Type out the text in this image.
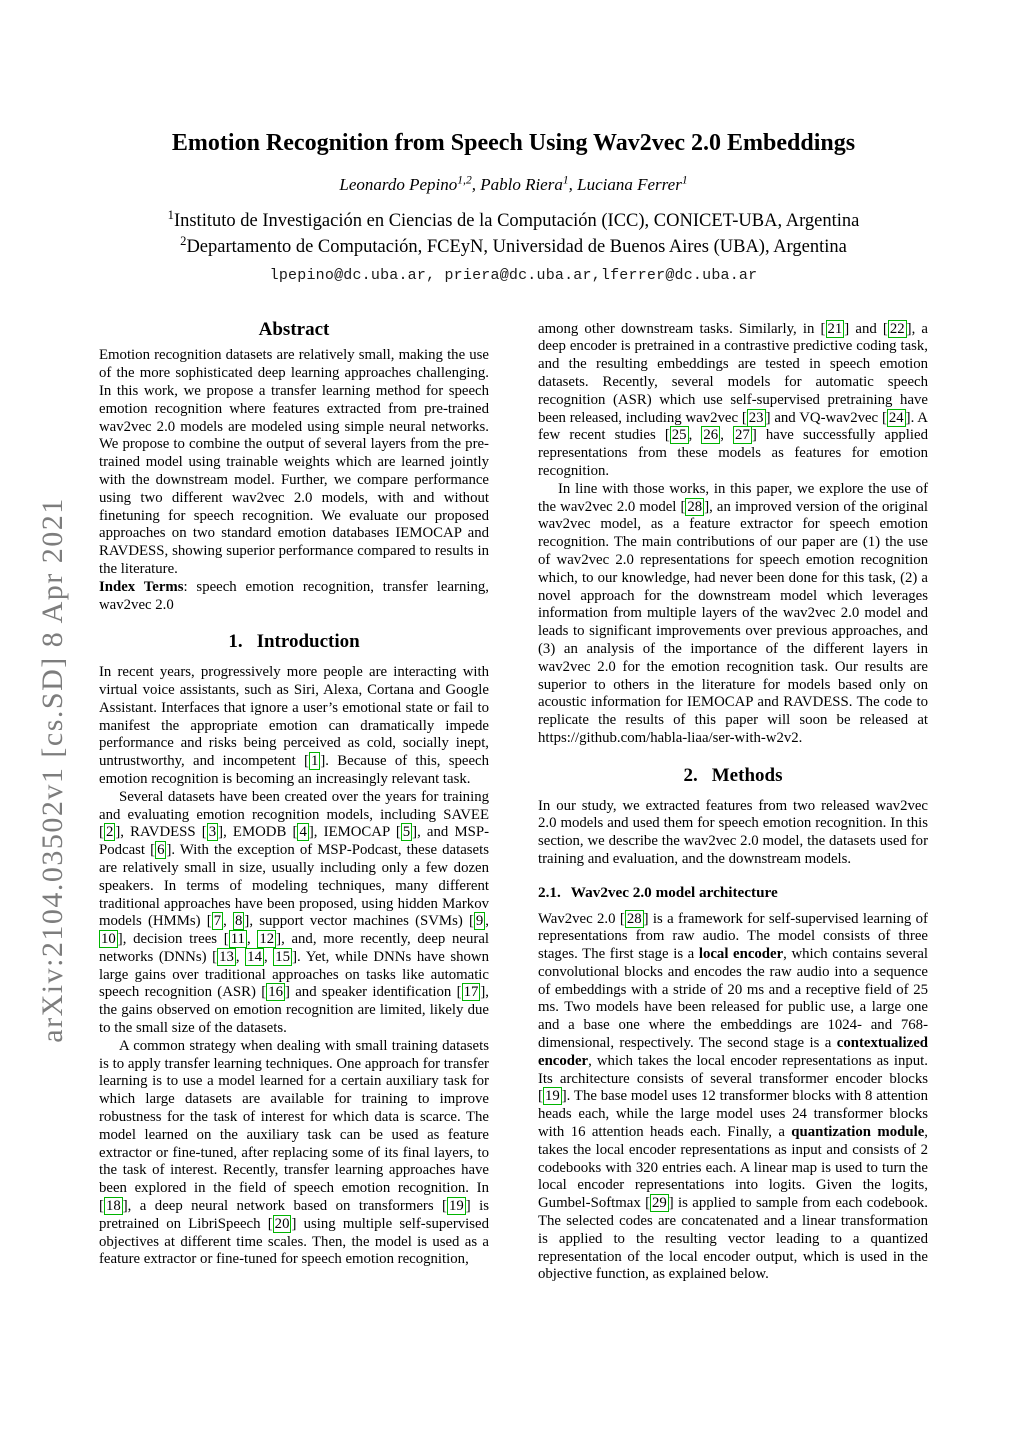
arXiv:2104.03502v1 [cs.SD] 8 Apr 2021
Emotion Recognition from Speech Using Wav2vec 2.0 Embeddings
Leonardo Pepino$^{1,2}$, Pablo Riera$^1$, Luciana Ferrer$^1$
$^1$Instituto de Investigación en Ciencias de la Computación (ICC), CONICET-UBA, Argentina
$^2$Departamento de Computación, FCEyN, Universidad de Buenos Aires (UBA), Argentina
lpepino@dc.uba.ar, priera@dc.uba.ar,lferrer@dc.uba.ar
Abstract

Emotion recognition datasets are relatively small, making the use of the more sophisticated deep learning approaches challenging. In this work, we propose a transfer learning method for speech emotion recognition where features extracted from pre-trained wav2vec 2.0 models are modeled using simple neural networks. We propose to combine the output of several layers from the pre-trained model using trainable weights which are learned jointly with the downstream model. Further, we compare performance using two different wav2vec 2.0 models, with and without finetuning for speech recognition. We evaluate our proposed approaches on two standard emotion databases IEMOCAP and RAVDESS, showing superior performance compared to results in the literature.

Index Terms: speech emotion recognition, transfer learning, wav2vec 2.0

1. Introduction

In recent years, progressively more people are interacting with virtual voice assistants, such as Siri, Alexa, Cortana and Google Assistant. Interfaces that ignore a user’s emotional state or fail to manifest the appropriate emotion can dramatically impede performance and risks being perceived as cold, socially inept, untrustworthy, and incompetent [ 1 ]. Because of this, speech emotion recognition is becoming an increasingly relevant task.

Several datasets have been created over the years for training and evaluating emotion recognition models, including SAVEE [ 2 ], RAVDESS [ 3 ], EMODB [ 4 ], IEMOCAP [ 5 ], and MSP-Podcast [ 6 ]. With the exception of MSP-Podcast, these datasets are relatively small in size, usually including only a few dozen speakers. In terms of modeling techniques, many different traditional approaches have been proposed, using hidden Markov models (HMMs) [ 7 , 8 ], support vector machines (SVMs) [ 9 , 10 ], decision trees [ 11 , 12 ], and, more recently, deep neural networks (DNNs) [ 13 , 14 , 15 ]. Yet, while DNNs have shown large gains over traditional approaches on tasks like automatic speech recognition (ASR) [ 16 ] and speaker identification [ 17 ], the gains observed on emotion recognition are limited, likely due to the small size of the datasets.

A common strategy when dealing with small training datasets is to apply transfer learning techniques. One approach for transfer learning is to use a model learned for a certain auxiliary task for which large datasets are available for training to improve robustness for the task of interest for which data is scarce. The model learned on the auxiliary task can be used as feature extractor or fine-tuned, after replacing some of its final layers, to the task of interest. Recently, transfer learning approaches have been explored in the field of speech emotion recognition. In [ 18 ], a deep neural network based on transformers [ 19 ] is pretrained on LibriSpeech [ 20 ] using multiple self-supervised objectives at different time scales. Then, the model is used as a feature extractor or fine-tuned for speech emotion recognition,

among other downstream tasks. Similarly, in [ 21 ] and [ 22 ], a deep encoder is pretrained in a contrastive predictive coding task, and the resulting embeddings are tested in speech emotion datasets. Recently, several models for automatic speech recognition (ASR) which use self-supervised pretraining have been released, including wav2vec [ 23 ] and VQ-wav2vec [ 24 ]. A few recent studies [ 25 , 26 , 27 ] have successfully applied representations from these models as features for emotion recognition.

In line with those works, in this paper, we explore the use of the wav2vec 2.0 model [ 28 ], an improved version of the original wav2vec model, as a feature extractor for speech emotion recognition. The main contributions of our paper are (1) the use of wav2vec 2.0 representations for speech emotion recognition which, to our knowledge, had never been done for this task, (2) a novel approach for the downstream model which leverages information from multiple layers of the wav2vec 2.0 model and leads to significant improvements over previous approaches, and (3) an analysis of the importance of the different layers in wav2vec 2.0 for the emotion recognition task. Our results are superior to others in the literature for models based only on acoustic information for IEMOCAP and RAVDESS. The code to replicate the results of this paper will soon be released at https://github.com/habla-liaa/ser-with-w2v2.

2. Methods

In our study, we extracted features from two released wav2vec 2.0 models and used them for speech emotion recognition. In this section, we describe the wav2vec 2.0 model, the datasets used for training and evaluation, and the downstream models.

2.1. Wav2vec 2.0 model architecture

Wav2vec 2.0 [ 28 ] is a framework for self-supervised learning of representations from raw audio. The model consists of three stages. The first stage is a local encoder, which contains several convolutional blocks and encodes the raw audio into a sequence of embeddings with a stride of 20 ms and a receptive field of 25 ms. Two models have been released for public use, a large one and a base one where the embeddings are 1024- and 768-dimensional, respectively. The second stage is a contextualized encoder, which takes the local encoder representations as input. Its architecture consists of several transformer encoder blocks [ 19 ]. The base model uses 12 transformer blocks with 8 attention heads each, while the large model uses 24 transformer blocks with 16 attention heads each. Finally, a quantization module, takes the local encoder representations as input and consists of 2 codebooks with 320 entries each. A linear map is used to turn the local encoder representations into logits. Given the logits, Gumbel-Softmax [ 29 ] is applied to sample from each codebook. The selected codes are concatenated and a linear transformation is applied to the resulting vector leading to a quantized representation of the local encoder output, which is used in the objective function, as explained below.
